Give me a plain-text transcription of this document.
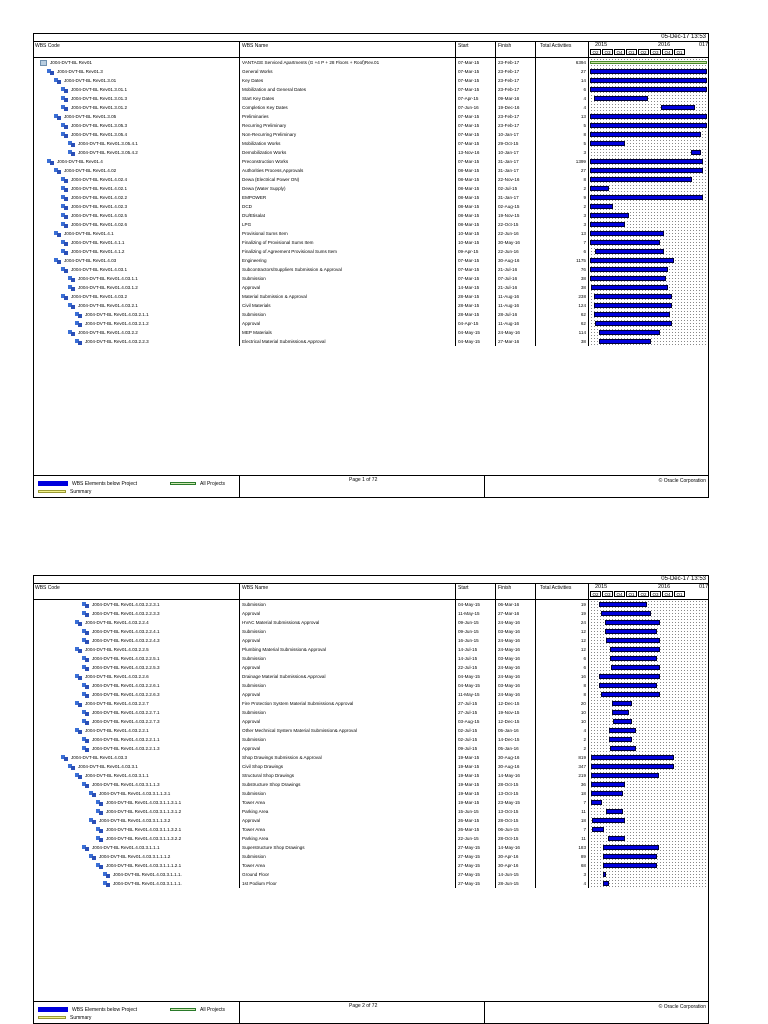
05-Dec-17 13:53
WBS Code	WBS Name	Start	Finish	Total Activities	2015	2016	017
Q2	Q3	Q4	Q1	Q2	Q3	Q4	Q1
J004-DVT-BL Rev01	VANTAGE Serviced Apartments (G +4 P + 28 Floors + Roof)Rev.01	07-Mar-15	23-Feb-17	6394
J004-DVT-BL Rev01.3	General Works	07-Mar-15	23-Feb-17	27
J004-DVT-BL Rev01.3.01	Key Dates	07-Mar-15	23-Feb-17	14
J004-DVT-BL Rev01.3.01.1	Mobilization and General Dates	07-Mar-15	23-Feb-17	6
J004-DVT-BL Rev01.3.01.3	Start Key Dates	07-Apr-15	09-Mar-16	4
J004-DVT-BL Rev01.3.01.2	Completion Key Dates	07-Jun-16	19-Dec-16	4
J004-DVT-BL Rev01.3.05	Preliminaries	07-Mar-15	23-Feb-17	13
J004-DVT-BL Rev01.3.05.3	Recurring Preliminary	07-Mar-15	23-Feb-17	5
J004-DVT-BL Rev01.3.05.4	Non-Recurring Preliminary	07-Mar-15	10-Jan-17	8
J004-DVT-BL Rev01.3.05.4.1	Mobilization Works	07-Mar-15	29-Oct-15	5
J004-DVT-BL Rev01.3.05.4.2	Demobilization Works	13-Nov-16	10-Jan-17	3
J004-DVT-BL Rev01.4	Preconstruction Works	07-Mar-15	31-Jan-17	1399
J004-DVT-BL Rev01.4.02	Authorities Process,Approvals	08-Mar-15	31-Jan-17	27
J004-DVT-BL Rev01.4.02.4	Dewa (Electrical Power ON)	08-Mar-15	22-Nov-16	8
J004-DVT-BL Rev01.4.02.1	Dewa (Water Supply)	08-Mar-15	02-Jul-15	2
J004-DVT-BL Rev01.4.02.2	EMPOWER	08-Mar-15	31-Jan-17	9
J004-DVT-BL Rev01.4.02.3	DCD	08-Mar-15	02-Aug-15	2
J004-DVT-BL Rev01.4.02.5	DU/Etisalat	08-Mar-15	19-Nov-15	3
J004-DVT-BL Rev01.4.02.6	LPG	08-Mar-15	22-Oct-15	3
J004-DVT-BL Rev01.4.1	Provisional Sums Item	10-Mar-15	22-Jun-16	13
J004-DVT-BL Rev01.4.1.1	Finalizing of Provisional Sums Item	10-Mar-15	30-May-16	7
J004-DVT-BL Rev01.4.1.2	Finalizing of Agreement Provisional Sums Item	09-Apr-15	22-Jun-16	6
J004-DVT-BL Rev01.4.03	Engineering	07-Mar-15	30-Aug-16	1175
J004-DVT-BL Rev01.4.03.1	Subcontractors/Suppliers Submission & Approval	07-Mar-15	21-Jul-16	76
J004-DVT-BL Rev01.4.03.1.1	Submission	07-Mar-15	07-Jul-16	38
J004-DVT-BL Rev01.4.03.1.2	Approval	14-Mar-15	21-Jul-16	38
J004-DVT-BL Rev01.4.03.2	Material Submission & Approval	28-Mar-15	11-Aug-16	238
J004-DVT-BL Rev01.4.03.2.1	Civil Materials	28-Mar-15	11-Aug-16	124
J004-DVT-BL Rev01.4.03.2.1.1	Submission	28-Mar-15	28-Jul-16	62
J004-DVT-BL Rev01.4.03.2.1.2	Approval	04-Apr-15	11-Aug-16	62
J004-DVT-BL Rev01.4.03.2.2	MEP Materials	04-May-15	24-May-16	114
J004-DVT-BL Rev01.4.03.2.2.3	Electrical Material Submission& Approval	04-May-15	27-Mar-16	38
WBS Elements below Project	All Projects
Summary
Page 1 of 72	© Oracle Corporation
05-Dec-17 13:53
WBS Code	WBS Name	Start	Finish	Total Activities	2015	2016	017
Q2	Q3	Q4	Q1	Q2	Q3	Q4	Q1
J004-DVT-BL Rev01.4.03.2.2.3.1	Submission	04-May-15	06-Mar-16	19
J004-DVT-BL Rev01.4.03.2.2.3.3	Approval	11-May-15	27-Mar-16	19
J004-DVT-BL Rev01.4.03.2.2.4	HVAC Material Submission& Approval	09-Jun-15	24-May-16	24
J004-DVT-BL Rev01.4.03.2.2.4.1	Submission	09-Jun-15	03-May-16	12
J004-DVT-BL Rev01.4.03.2.2.4.3	Approval	16-Jun-15	24-May-16	12
J004-DVT-BL Rev01.4.03.2.2.5	Plumbing Material Submission& Approval	14-Jul-15	24-May-16	12
J004-DVT-BL Rev01.4.03.2.2.5.1	Submission	14-Jul-15	03-May-16	6
J004-DVT-BL Rev01.4.03.2.2.5.3	Approval	22-Jul-15	24-May-16	6
J004-DVT-BL Rev01.4.03.2.2.6	Drainage Material Submission& Approval	04-May-15	24-May-16	16
J004-DVT-BL Rev01.4.03.2.2.6.1	Submission	04-May-15	03-May-16	8
J004-DVT-BL Rev01.4.03.2.2.6.3	Approval	11-May-15	24-May-16	8
J004-DVT-BL Rev01.4.03.2.2.7	Fire Protection System Material Submission& Approval	27-Jul-15	12-Dec-15	20
J004-DVT-BL Rev01.4.03.2.2.7.1	Submission	27-Jul-15	19-Nov-15	10
J004-DVT-BL Rev01.4.03.2.2.7.3	Approval	03-Aug-15	12-Dec-15	10
J004-DVT-BL Rev01.4.03.2.2.1	Other Mechnical System Material Submission& Approval	02-Jul-15	05-Jan-16	4
J004-DVT-BL Rev01.4.03.2.2.1.1	Submission	02-Jul-15	14-Dec-15	2
J004-DVT-BL Rev01.4.03.2.2.1.3	Approval	09-Jul-15	05-Jan-16	2
J004-DVT-BL Rev01.4.03.3	Shop Drawings Submission & Approval	19-Mar-15	30-Aug-16	819
J004-DVT-BL Rev01.4.03.3.1	Civil Shop Drawings	19-Mar-15	30-Aug-16	347
J004-DVT-BL Rev01.4.03.3.1.1	Structural Shop Drawings	19-Mar-15	14-May-16	219
J004-DVT-BL Rev01.4.03.3.1.1.3	Substructure Shop Drawings	19-Mar-15	28-Oct-15	36
J004-DVT-BL Rev01.4.03.3.1.1.3.1	Submission	19-Mar-15	13-Oct-15	18
J004-DVT-BL Rev01.4.03.3.1.1.3.1.1	Tower Area	19-Mar-15	23-May-15	7
J004-DVT-BL Rev01.4.03.3.1.1.3.1.2	Parking Area	15-Jun-15	13-Oct-15	11
J004-DVT-BL Rev01.4.03.3.1.1.3.2	Approval	26-Mar-15	28-Oct-15	18
J004-DVT-BL Rev01.4.03.3.1.1.3.2.1	Tower Area	26-Mar-15	06-Jun-15	7
J004-DVT-BL Rev01.4.03.3.1.1.3.2.2	Parking Area	22-Jun-15	28-Oct-15	11
J004-DVT-BL Rev01.4.03.3.1.1.1	Superstructure Shop Drawings	27-May-15	14-May-16	183
J004-DVT-BL Rev01.4.03.3.1.1.1.2	Submission	27-May-15	30-Apr-16	89
J004-DVT-BL Rev01.4.03.3.1.1.1.2.1	Tower Area	27-May-15	30-Apr-16	68
J004-DVT-BL Rev01.4.03.3.1.1.1.	Ground Floor	27-May-15	14-Jun-15	3
J004-DVT-BL Rev01.4.03.3.1.1.1.	1st Podium Floor	27-May-15	28-Jun-15	4
WBS Elements below Project	All Projects
Summary
Page 2 of 72	© Oracle Corporation
